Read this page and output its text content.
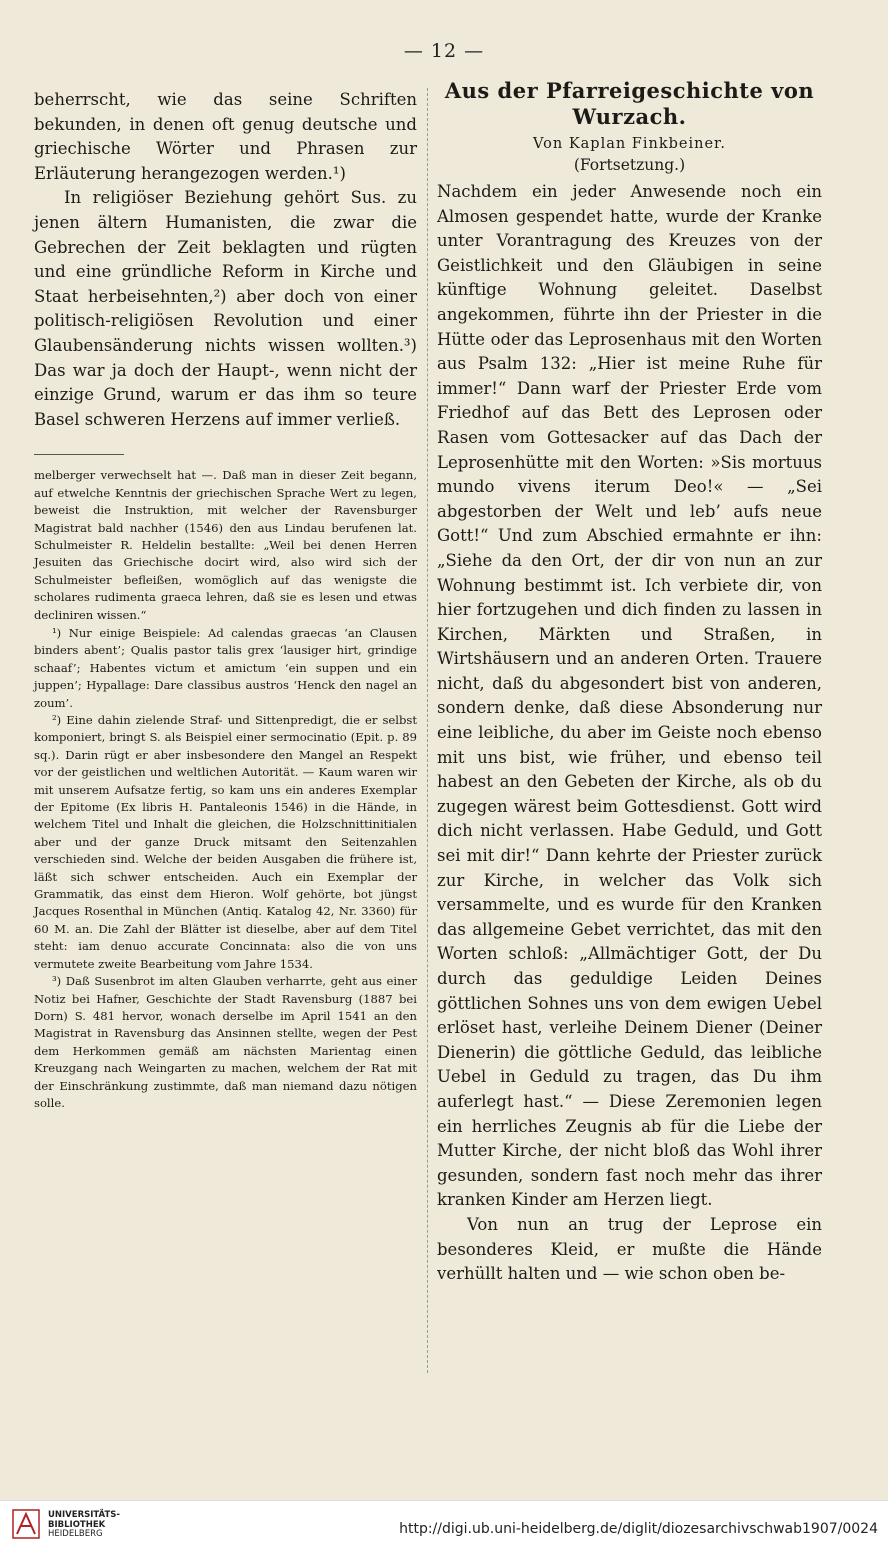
— 12 —

beherrscht, wie das seine Schriften bekunden, in denen oft genug deutsche und griechische Wörter und Phrasen zur Erläuterung herangezogen werden.¹)

In religiöser Beziehung gehört Sus. zu jenen ältern Humanisten, die zwar die Gebrechen der Zeit beklagten und rügten und eine gründliche Reform in Kirche und Staat herbeisehnten,²) aber doch von einer politisch-religiösen Revolution und einer Glaubensänderung nichts wissen wollten.³) Das war ja doch der Haupt-, wenn nicht der einzige Grund, warum er das ihm so teure Basel schweren Herzens auf immer verließ.

melberger verwechselt hat —. Daß man in dieser Zeit begann, auf etwelche Kenntnis der griechischen Sprache Wert zu legen, beweist die Instruktion, mit welcher der Ravensburger Magistrat bald nachher (1546) den aus Lindau berufenen lat. Schulmeister R. Heldelin bestallte: „Weil bei denen Herren Jesuiten das Griechische docirt wird, also wird sich der Schulmeister befleißen, womöglich auf das wenigste die scholares rudimenta graeca lehren, daß sie es lesen und etwas decliniren wissen.“

¹) Nur einige Beispiele: Ad calendas graecas ‘an Clausen binders abent’; Qualis pastor talis grex ‘lausiger hirt, grindige schaaf’; Habentes victum et amictum ‘ein suppen und ein juppen’; Hypallage: Dare classibus austros ‘Henck den nagel an zoum’.

²) Eine dahin zielende Straf- und Sittenpredigt, die er selbst komponiert, bringt S. als Beispiel einer sermocinatio (Epit. p. 89 sq.). Darin rügt er aber insbesondere den Mangel an Respekt vor der geistlichen und weltlichen Autorität. — Kaum waren wir mit unserem Aufsatze fertig, so kam uns ein anderes Exemplar der Epitome (Ex libris H. Pantaleonis 1546) in die Hände, in welchem Titel und Inhalt die gleichen, die Holzschnittinitialen aber und der ganze Druck mitsamt den Seitenzahlen verschieden sind. Welche der beiden Ausgaben die frühere ist, läßt sich schwer entscheiden. Auch ein Exemplar der Grammatik, das einst dem Hieron. Wolf gehörte, bot jüngst Jacques Rosenthal in München (Antiq. Katalog 42, Nr. 3360) für 60 M. an. Die Zahl der Blätter ist dieselbe, aber auf dem Titel steht: iam denuo accurate Concinnata: also die von uns vermutete zweite Bearbeitung vom Jahre 1534.

³) Daß Susenbrot im alten Glauben verharrte, geht aus einer Notiz bei Hafner, Geschichte der Stadt Ravensburg (1887 bei Dorn) S. 481 hervor, wonach derselbe im April 1541 an den Magistrat in Ravensburg das Ansinnen stellte, wegen der Pest dem Herkommen gemäß am nächsten Marientag einen Kreuzgang nach Weingarten zu machen, welchem der Rat mit der Einschränkung zustimmte, daß man niemand dazu nötigen solle.

Aus der Pfarreigeschichte von Wurzach.
Von Kaplan Finkbeiner.
(Fortsetzung.)

Nachdem ein jeder Anwesende noch ein Almosen gespendet hatte, wurde der Kranke unter Vorantragung des Kreuzes von der Geistlichkeit und den Gläubigen in seine künftige Wohnung geleitet. Daselbst angekommen, führte ihn der Priester in die Hütte oder das Leprosenhaus mit den Worten aus Psalm 132: „Hier ist meine Ruhe für immer!“ Dann warf der Priester Erde vom Friedhof auf das Bett des Leprosen oder Rasen vom Gottesacker auf das Dach der Leprosenhütte mit den Worten: »Sis mortuus mundo vivens iterum Deo!« — „Sei abgestorben der Welt und leb’ aufs neue Gott!“ Und zum Abschied ermahnte er ihn: „Siehe da den Ort, der dir von nun an zur Wohnung bestimmt ist. Ich verbiete dir, von hier fortzugehen und dich finden zu lassen in Kirchen, Märkten und Straßen, in Wirtshäusern und an anderen Orten. Trauere nicht, daß du abgesondert bist von anderen, sondern denke, daß diese Absonderung nur eine leibliche, du aber im Geiste noch ebenso mit uns bist, wie früher, und ebenso teil habest an den Gebeten der Kirche, als ob du zugegen wärest beim Gottesdienst. Gott wird dich nicht verlassen. Habe Geduld, und Gott sei mit dir!“ Dann kehrte der Priester zurück zur Kirche, in welcher das Volk sich versammelte, und es wurde für den Kranken das allgemeine Gebet verrichtet, das mit den Worten schloß: „Allmächtiger Gott, der Du durch das geduldige Leiden Deines göttlichen Sohnes uns von dem ewigen Uebel erlöset hast, verleihe Deinem Diener (Deiner Dienerin) die göttliche Geduld, das leibliche Uebel in Geduld zu tragen, das Du ihm auferlegt hast.“ — Diese Zeremonien legen ein herrliches Zeugnis ab für die Liebe der Mutter Kirche, der nicht bloß das Wohl ihrer gesunden, sondern fast noch mehr das ihrer kranken Kinder am Herzen liegt.

Von nun an trug der Leprose ein besonderes Kleid, er mußte die Hände verhüllt halten und — wie schon oben be-

UNIVERSITÄTS-
BIBLIOTHEK
HEIDELBERG	http://digi.ub.uni-heidelberg.de/diglit/diozesarchivschwab1907/0024
